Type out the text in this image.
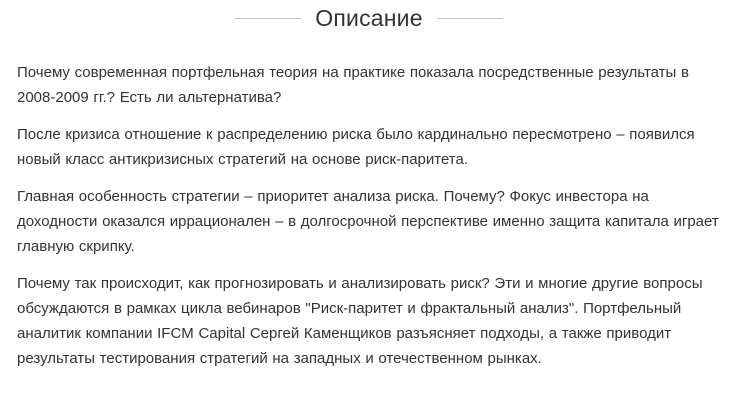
Описание

Почему современная портфельная теория на практике показала посредственные результаты в 2008-2009 гг.? Есть ли альтернатива?

После кризиса отношение к распределению риска было кардинально пересмотрено – появился новый класс антикризисных стратегий на основе риск-паритета.

Главная особенность стратегии – приоритет анализа риска. Почему? Фокус инвестора на доходности оказался иррационален – в долгосрочной перспективе именно защита капитала играет главную скрипку.

Почему так происходит, как прогнозировать и анализировать риск? Эти и многие другие вопросы обсуждаются в рамках цикла вебинаров "Риск-паритет и фрактальный анализ". Портфельный аналитик компании IFCM Capital Сергей Каменщиков разъясняет подходы, а также приводит результаты тестирования стратегий на западных и отечественном рынках.
